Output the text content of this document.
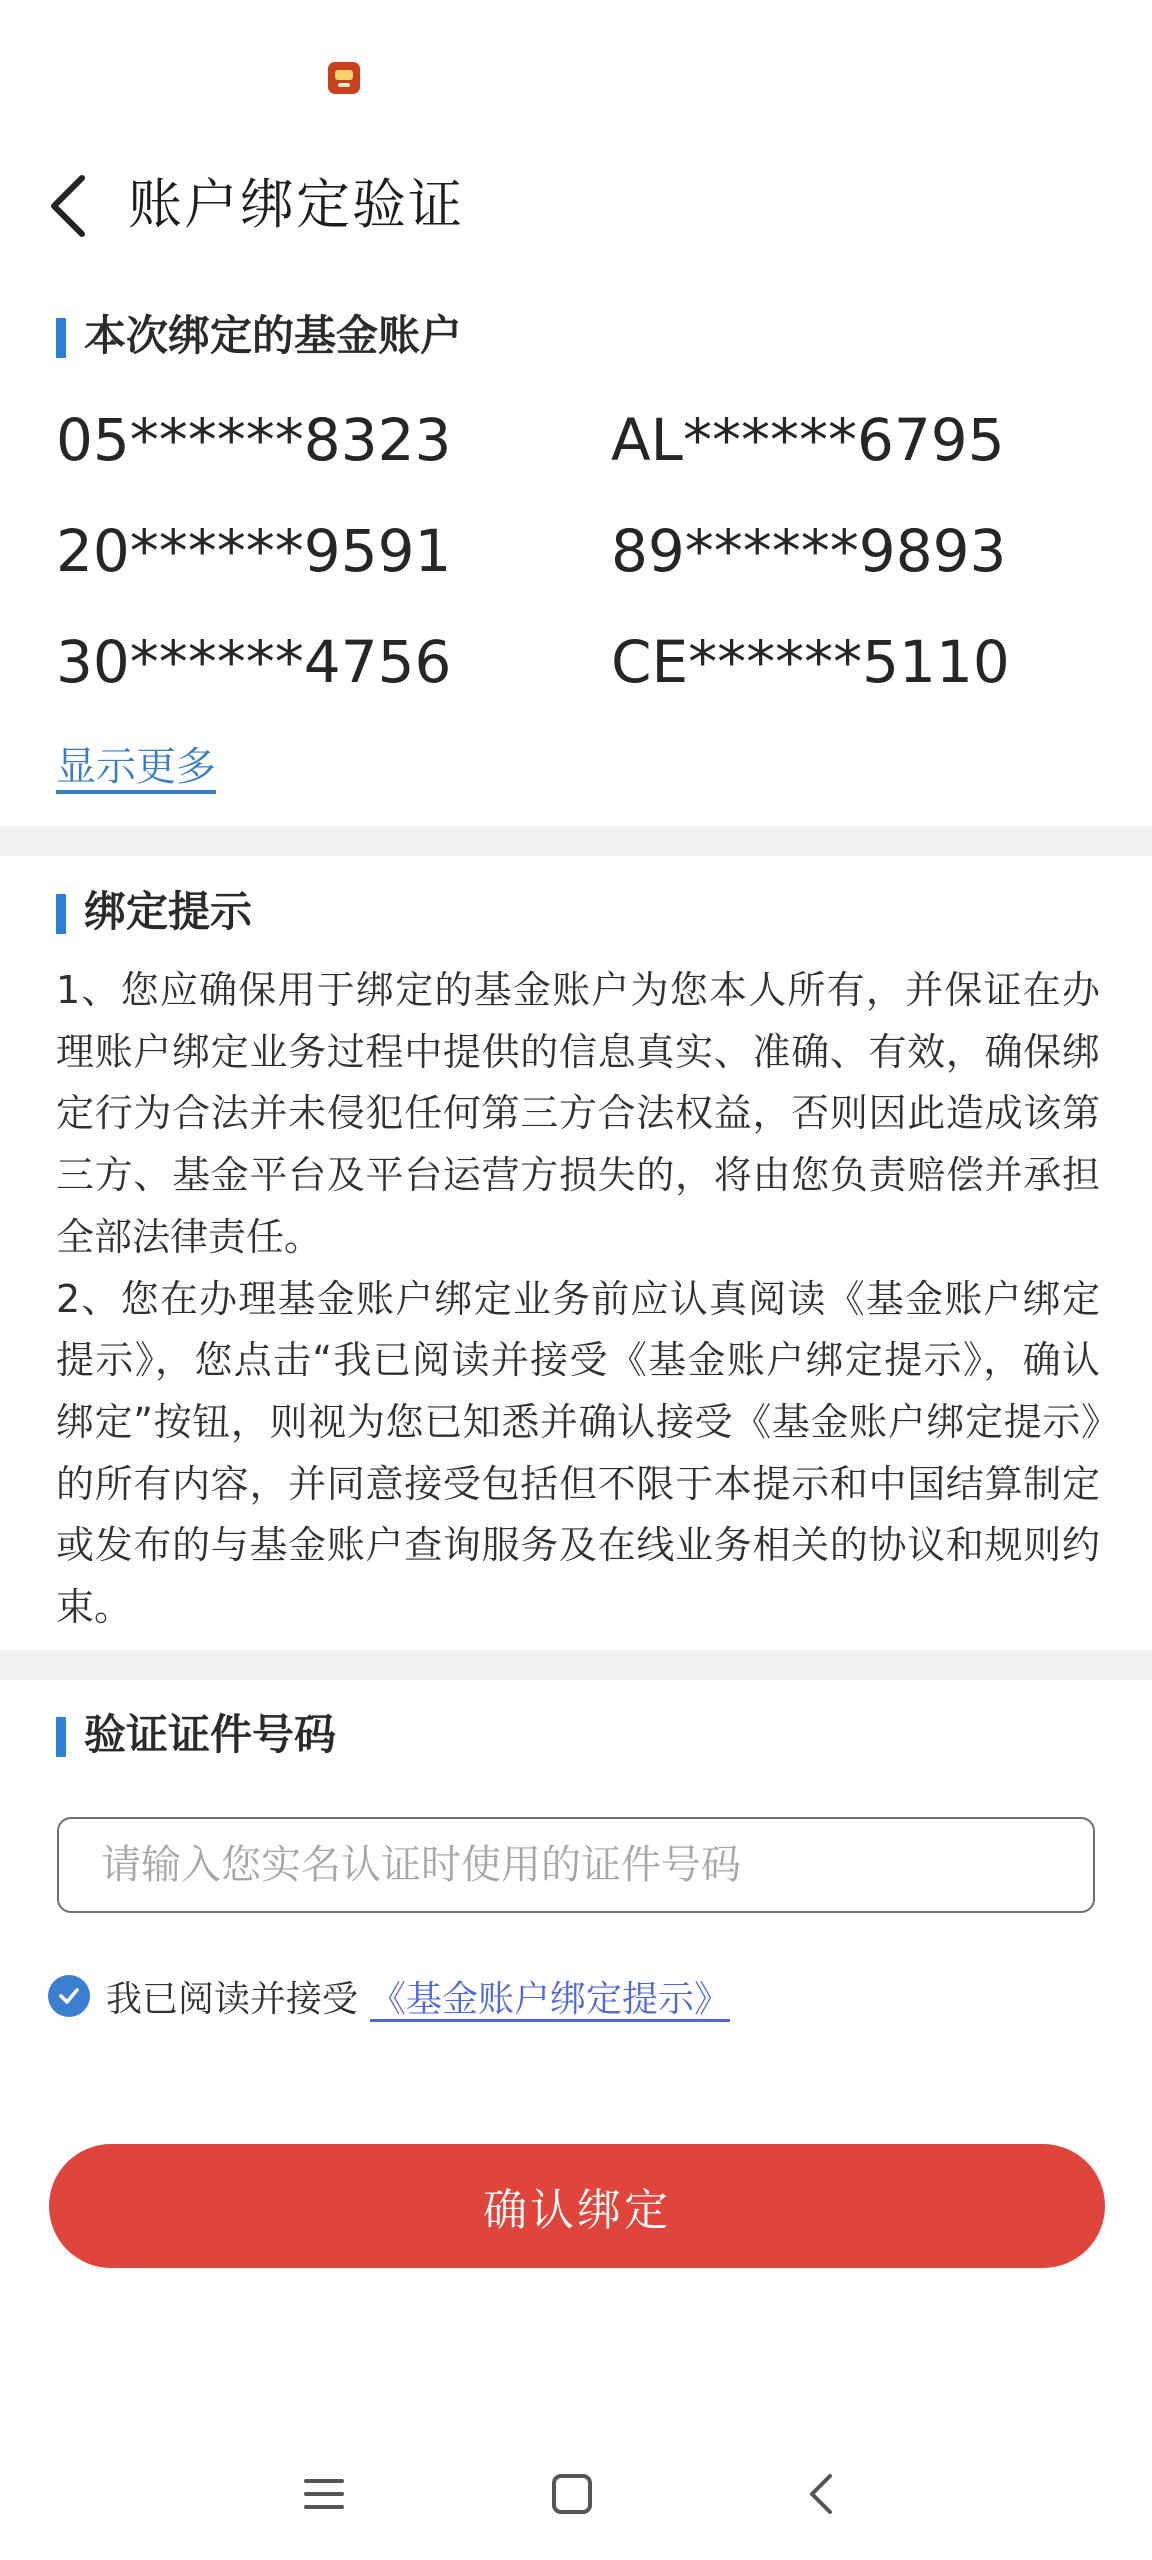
账户绑定验证
本次绑定的基金账户
05******8323	AL******6795
20******9591	89******9893
30******4756	CE******5110
显示更多
绑定提示

1、您应确保用于绑定的基金账户为您本人所有，并保证在办理账户绑定业务过程中提供的信息真实、准确、有效，确保绑定行为合法并未侵犯任何第三方合法权益，否则因此造成该第三方、基金平台及平台运营方损失的，将由您负责赔偿并承担全部法律责任。

2、您在办理基金账户绑定业务前应认真阅读《基金账户绑定提示》，您点击“我已阅读并接受《基金账户绑定提示》，确认绑定”按钮，则视为您已知悉并确认接受《基金账户绑定提示》的所有内容，并同意接受包括但不限于本提示和中国结算制定或发布的与基金账户查询服务及在线业务相关的协议和规则约束。

验证证件号码
请输入您实名认证时使用的证件号码
我已阅读并接受 《基金账户绑定提示》
确认绑定
